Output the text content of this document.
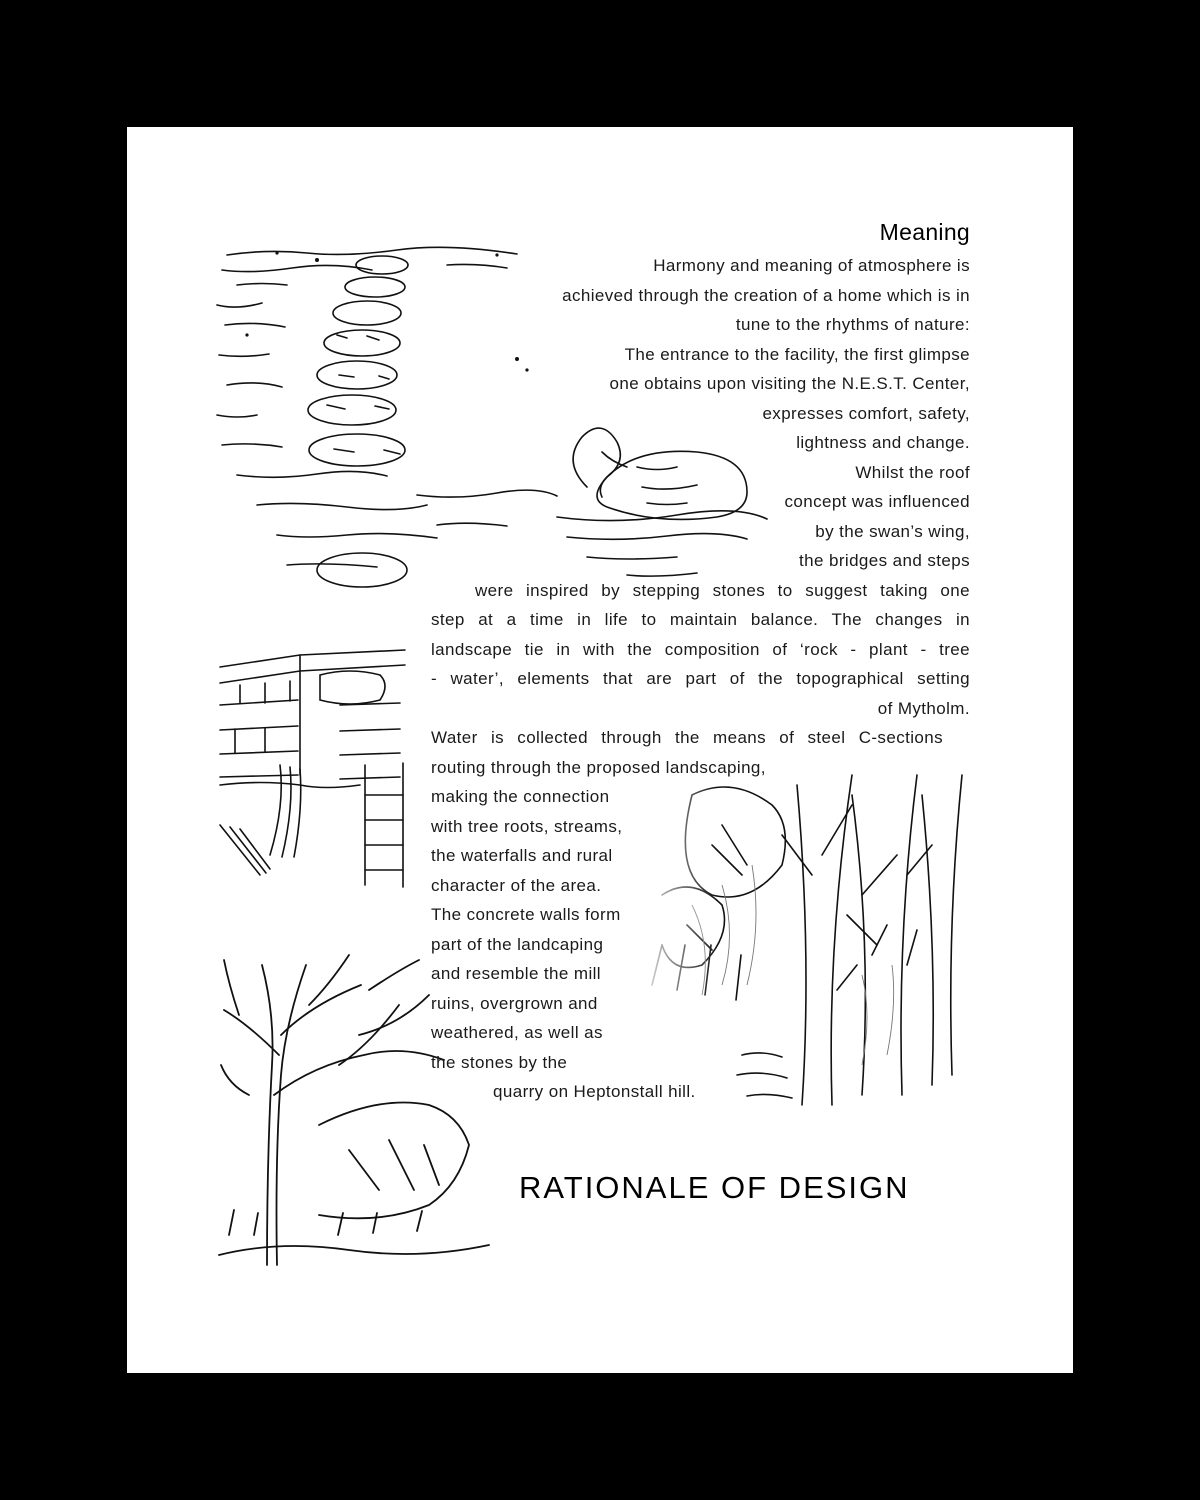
Meaning
Harmony and meaning of atmosphere is
achieved through the creation of a home which is in
tune to the rhythms of nature:
The entrance to the facility, the first glimpse
one obtains upon visiting the N.E.S.T. Center,
expresses comfort, safety,
lightness and change.
Whilst the roof
concept was influenced
by the swan’s wing,
the bridges and steps
were inspired by stepping stones to suggest taking one
step at a time in life to maintain balance. The changes in
landscape tie in with the composition of ‘rock - plant - tree
- water’, elements that are part of the topographical setting
of Mytholm.
Water is collected through the means of steel C-sections
routing through the proposed landscaping,
making the connection
with tree roots, streams,
the waterfalls and rural
character of the area.
The concrete walls form
part of the landcaping
and resemble the mill
ruins, overgrown and
weathered, as well as
the stones by the
quarry on Heptonstall hill.
RATIONALE OF DESIGN
